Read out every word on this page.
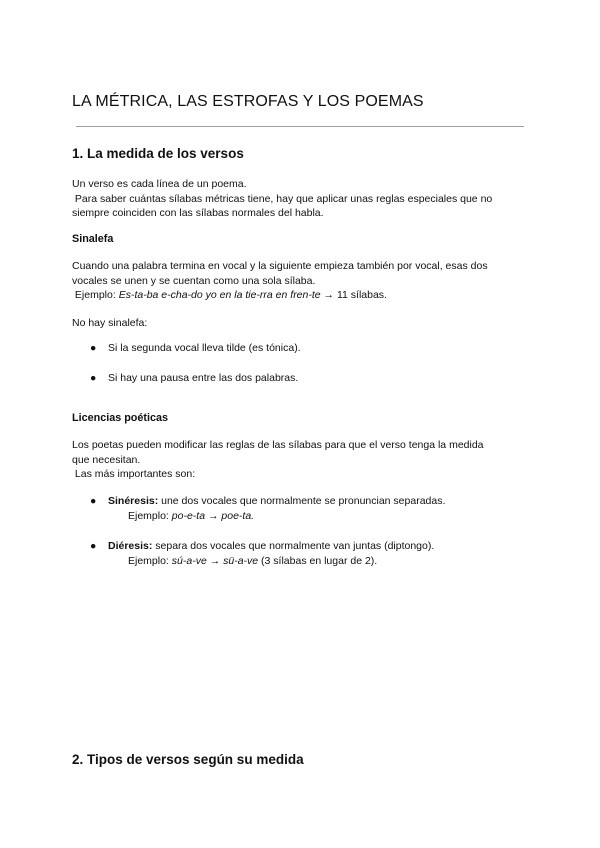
LA MÉTRICA, LAS ESTROFAS Y LOS POEMAS
1. La medida de los versos
Un verso es cada línea de un poema.
Para saber cuántas sílabas métricas tiene, hay que aplicar unas reglas especiales que no
siempre coinciden con las sílabas normales del habla.
Sinalefa
Cuando una palabra termina en vocal y la siguiente empieza también por vocal, esas dos
vocales se unen y se cuentan como una sola sílaba.
Ejemplo: Es-ta-ba e-cha-do yo en la tie-rra en fren-te → 11 sílabas.
No hay sinalefa:
● Si la segunda vocal lleva tilde (es tónica).
● Si hay una pausa entre las dos palabras.
Licencias poéticas
Los poetas pueden modificar las reglas de las sílabas para que el verso tenga la medida
que necesitan.
Las más importantes son:
● Sinéresis: une dos vocales que normalmente se pronuncian separadas.
Ejemplo: po-e-ta → poe-ta.
● Diéresis: separa dos vocales que normalmente van juntas (diptongo).
Ejemplo: sú-a-ve → sü-a-ve (3 sílabas en lugar de 2).
2. Tipos de versos según su medida
